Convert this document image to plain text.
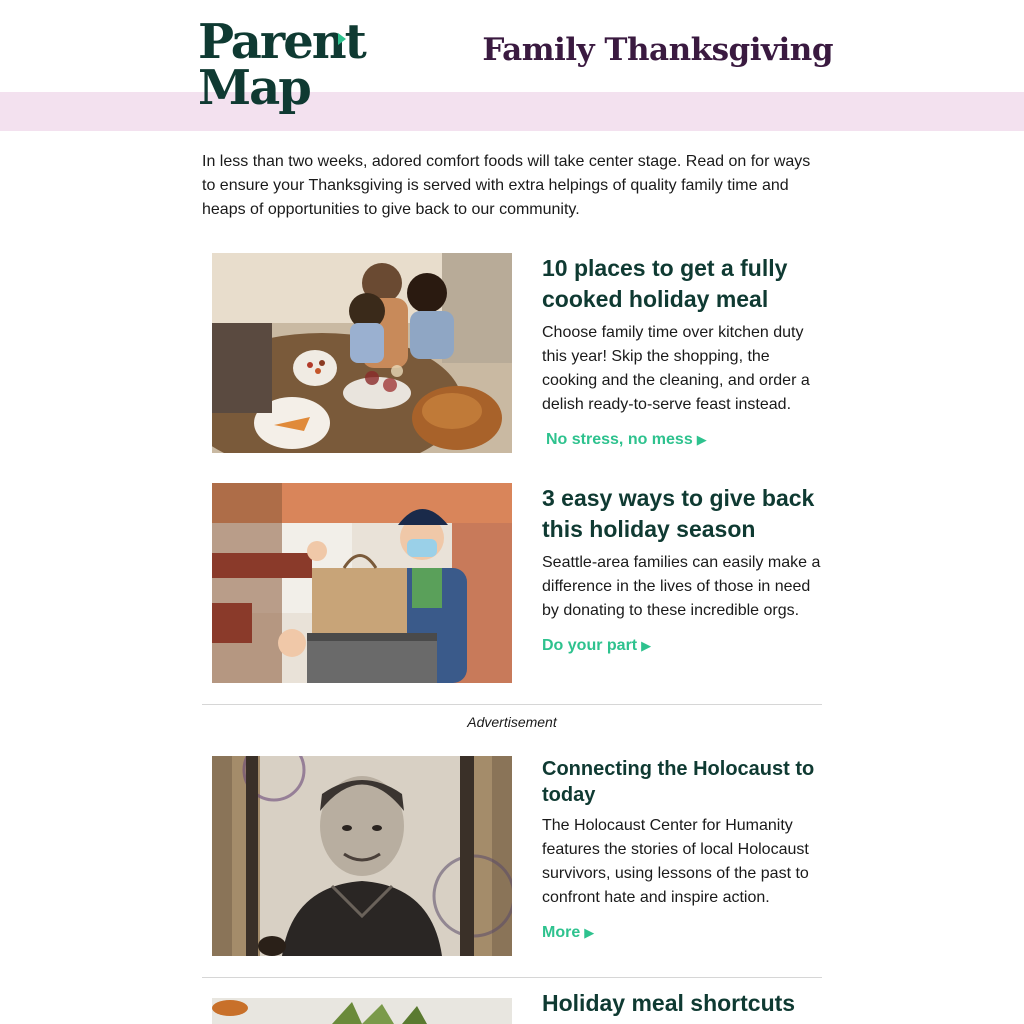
Parent
Map
Family Thanksgiving
In less than two weeks, adored comfort foods will take center stage. Read on for ways to ensure your Thanksgiving is served with extra helpings of quality family time and heaps of opportunities to give back to our community.
10 places to get a fully cooked holiday meal

Choose family time over kitchen duty this year! Skip the shopping, the cooking and the cleaning, and order a delish ready-to-serve feast instead.

No stress, no mess ▶
3 easy ways to give back this holiday season

Seattle-area families can easily make a difference in the lives of those in need by donating to these incredible orgs.

Do your part ▶
Advertisement
Connecting the Holocaust to today

The Holocaust Center for Humanity features the stories of local Holocaust survivors, using lessons of the past to confront hate and inspire action.

More ▶
Holiday meal shortcuts
